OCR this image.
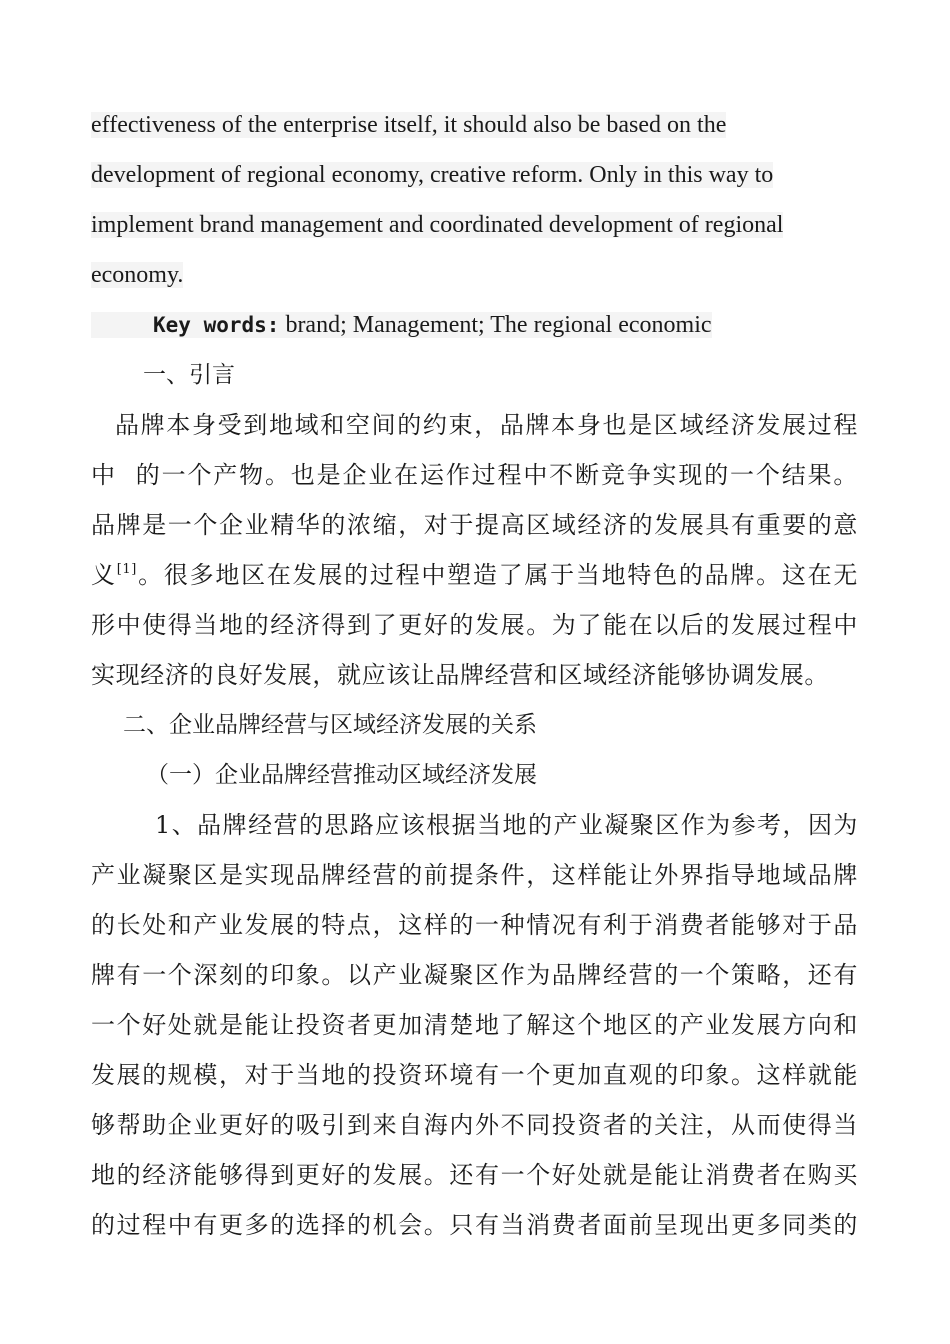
effectiveness of the enterprise itself, it should also be based on the
development of regional economy, creative reform. Only in this way to
implement brand management and coordinated development of regional
economy.

Key words: brand; Management; The regional economic

一、引言

品牌本身受到地域和空间的约束，品牌本身也是区域经济发展过程
中  的一个产物。也是企业在运作过程中不断竞争实现的一个结果。
品牌是一个企业精华的浓缩，对于提高区域经济的发展具有重要的意
义[1]。很多地区在发展的过程中塑造了属于当地特色的品牌。这在无
形中使得当地的经济得到了更好的发展。为了能在以后的发展过程中
实现经济的良好发展，就应该让品牌经营和区域经济能够协调发展。

二、企业品牌经营与区域经济发展的关系

（一）企业品牌经营推动区域经济发展

1、品牌经营的思路应该根据当地的产业凝聚区作为参考，因为
产业凝聚区是实现品牌经营的前提条件，这样能让外界指导地域品牌
的长处和产业发展的特点，这样的一种情况有利于消费者能够对于品
牌有一个深刻的印象。以产业凝聚区作为品牌经营的一个策略，还有
一个好处就是能让投资者更加清楚地了解这个地区的产业发展方向和
发展的规模，对于当地的投资环境有一个更加直观的印象。这样就能
够帮助企业更好的吸引到来自海内外不同投资者的关注，从而使得当
地的经济能够得到更好的发展。还有一个好处就是能让消费者在购买
的过程中有更多的选择的机会。只有当消费者面前呈现出更多同类的
